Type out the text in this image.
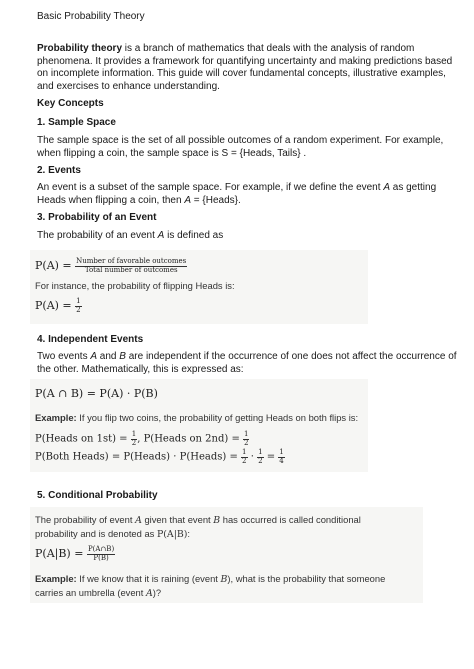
Basic Probability Theory
Probability theory is a branch of mathematics that deals with the analysis of random
phenomena. It provides a framework for quantifying uncertainty and making predictions based
on incomplete information. This guide will cover fundamental concepts, illustrative examples,
and exercises to enhance understanding.
Key Concepts
1. Sample Space
The sample space is the set of all possible outcomes of a random experiment. For example,
when flipping a coin, the sample space is S = {Heads, Tails} .
2. Events
An event is a subset of the sample space. For example, if we define the event A as getting
Heads when flipping a coin, then A = {Heads}.
3. Probability of an Event
The probability of an event A is defined as
$P(A) = \frac{\text{Number of favorable outcomes}}{\text{Total number of outcomes}}$
For instance, the probability of flipping Heads is:
$P(A) = \frac{1}{2}$
4. Independent Events
Two events A and B are independent if the occurrence of one does not affect the occurrence of
the other. Mathematically, this is expressed as:
P(A ∩ B) = P(A) · P(B)
Example: If you flip two coins, the probability of getting Heads on both flips is:
P(Heads on $1st) = \frac{1}{2}$ , P(Heads on $2nd) = \frac{1}{2}$
P(Both Heads) = P(Heads) · P(Heads) = $\frac{1}{2} \cdot \frac{1}{2} = \frac{1}{4}$
5. Conditional Probability
The probability of event A given that event B has occurred is called conditional
probability and is denoted as P(A|B):
$P(A|B) = \frac{P(A\cap B)}{P(B)}$
Example: If we know that it is raining (event B), what is the probability that someone
carries an umbrella (event A)?
